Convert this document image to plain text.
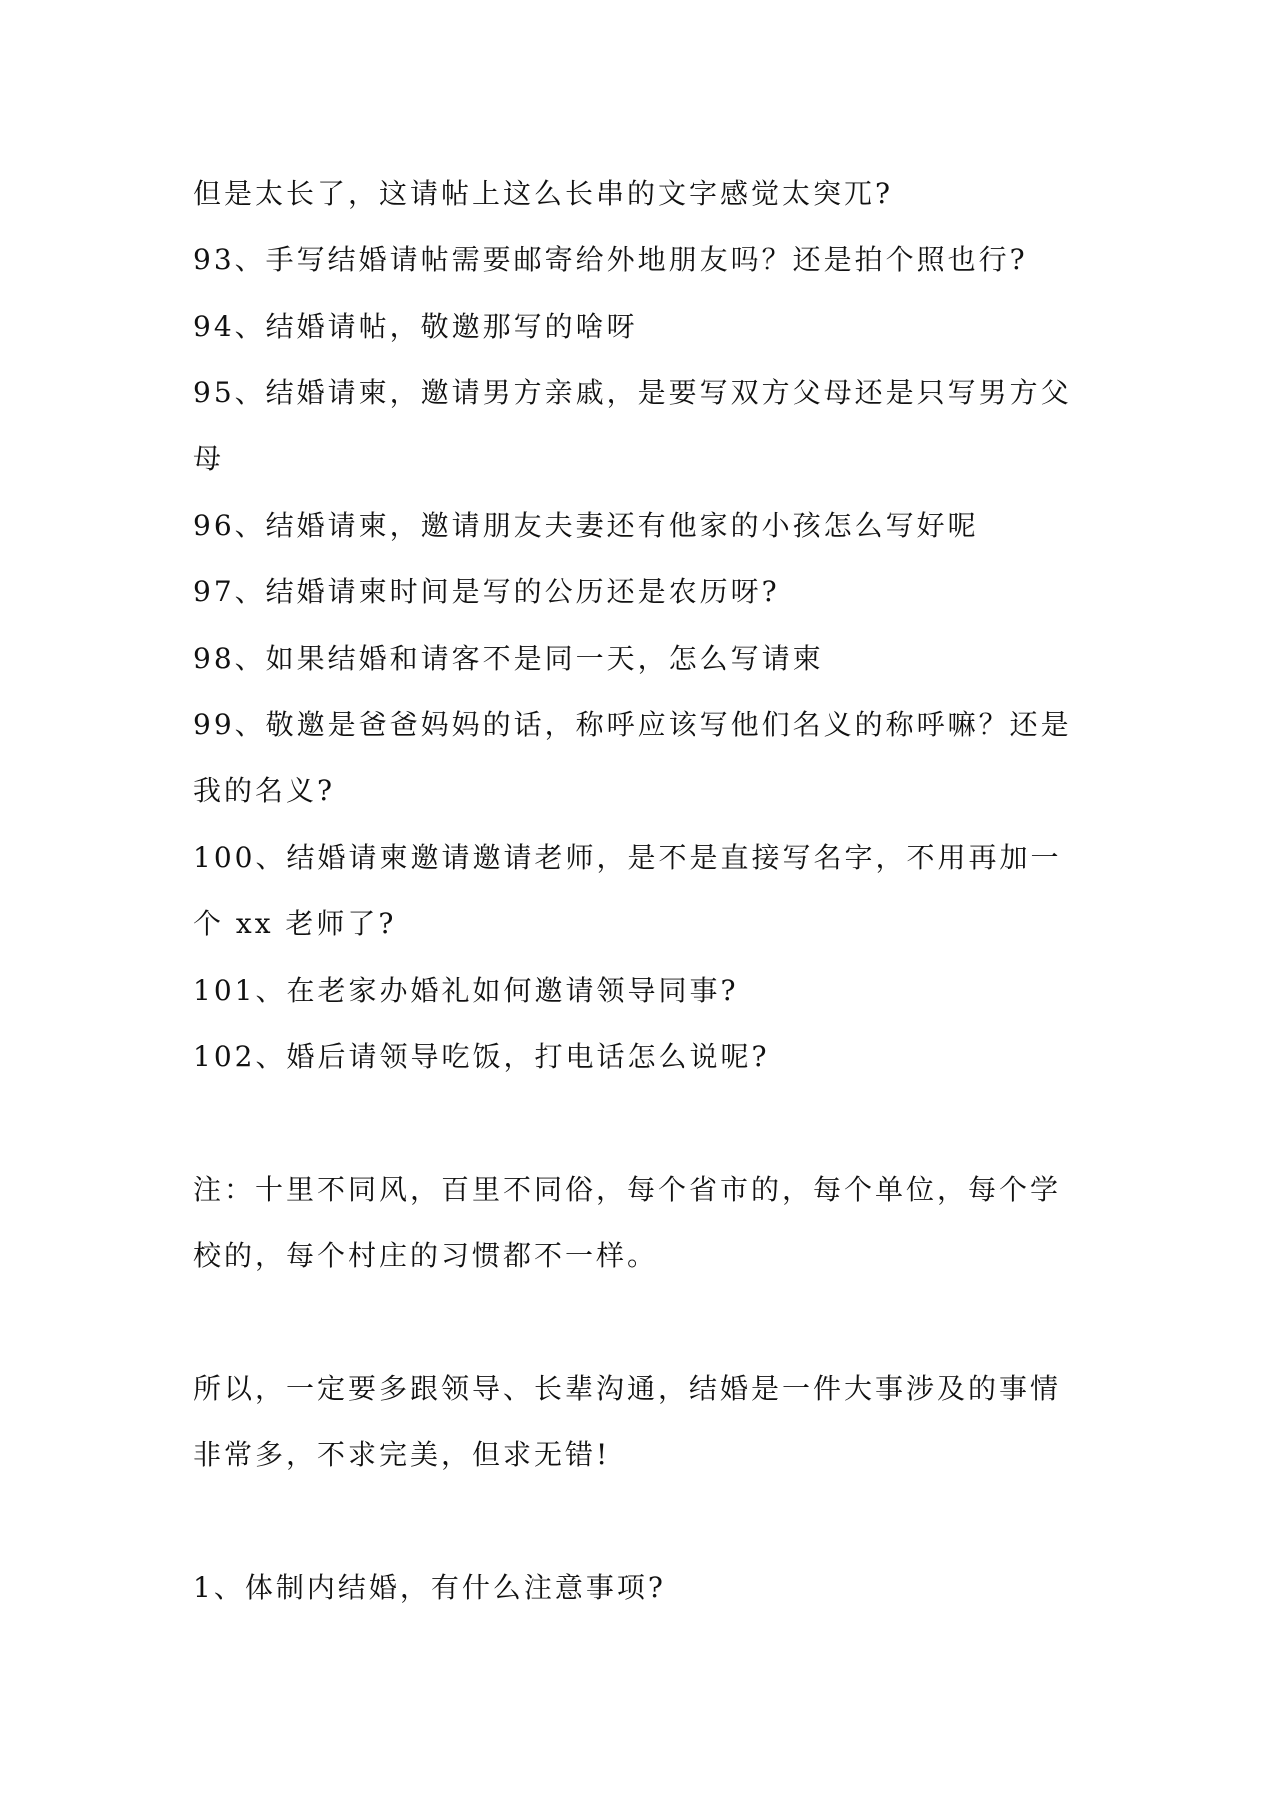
但是太长了，这请帖上这么长串的文字感觉太突兀?

93、手写结婚请帖需要邮寄给外地朋友吗？还是拍个照也行?

94、结婚请帖，敬邀那写的啥呀

95、结婚请柬，邀请男方亲戚，是要写双方父母还是只写男方父

母

96、结婚请柬，邀请朋友夫妻还有他家的小孩怎么写好呢

97、结婚请柬时间是写的公历还是农历呀?

98、如果结婚和请客不是同一天，怎么写请柬

99、敬邀是爸爸妈妈的话，称呼应该写他们名义的称呼嘛？还是

我的名义?

100、结婚请柬邀请邀请老师，是不是直接写名字，不用再加一

个 xx 老师了?

101、在老家办婚礼如何邀请领导同事?

102、婚后请领导吃饭，打电话怎么说呢?

注：十里不同风，百里不同俗，每个省市的，每个单位，每个学

校的，每个村庄的习惯都不一样。

所以，一定要多跟领导、长辈沟通，结婚是一件大事涉及的事情

非常多，不求完美，但求无错!

1、体制内结婚，有什么注意事项?
